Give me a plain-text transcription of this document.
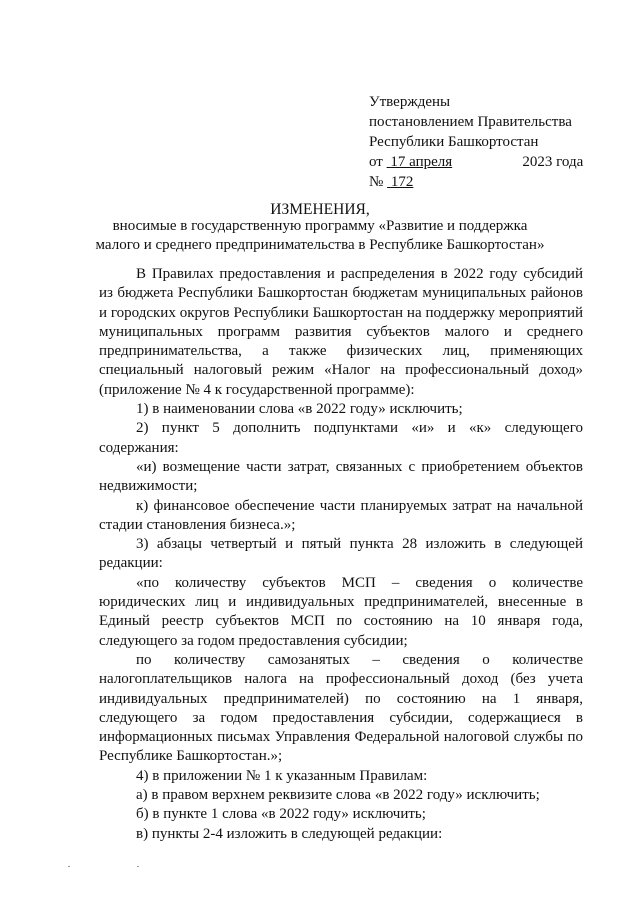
Утверждены
постановлением Правительства
Республики Башкортостан
от 17 апреля	2023 года
№ 172
ИЗМЕНЕНИЯ,
вносимые в государственную программу «Развитие и поддержка малого и среднего предпринимательства в Республике Башкортостан»

В Правилах предоставления и распределения в 2022 году субсидий из бюджета Республики Башкортостан бюджетам муниципальных районов и городских округов Республики Башкортостан на поддержку мероприятий муниципальных программ развития субъектов малого и среднего предпринимательства, а также физических лиц, применяющих специальный налоговый режим «Налог на профессиональный доход» (приложение № 4 к государственной программе):

1) в наименовании слова «в 2022 году» исключить;

2) пункт 5 дополнить подпунктами «и» и «к» следующего содержания:

«и) возмещение части затрат, связанных с приобретением объектов недвижимости;

к) финансовое обеспечение части планируемых затрат на начальной стадии становления бизнеса.»;

3) абзацы четвертый и пятый пункта 28 изложить в следующей редакции:

«по количеству субъектов МСП – сведения о количестве юридических лиц и индивидуальных предпринимателей, внесенные в Единый реестр субъектов МСП по состоянию на 10 января года, следующего за годом предоставления субсидии;

по количеству самозанятых – сведения о количестве налогоплательщиков налога на профессиональный доход (без учета индивидуальных предпринимателей) по состоянию на 1 января, следующего за годом предоставления субсидии, содержащиеся в информационных письмах Управления Федеральной налоговой службы по Республике Башкортостан.»;

4) в приложении № 1 к указанным Правилам:

а) в правом верхнем реквизите слова «в 2022 году» исключить;

б) в пункте 1 слова «в 2022 году» исключить;

в) пункты 2-4 изложить в следующей редакции:
